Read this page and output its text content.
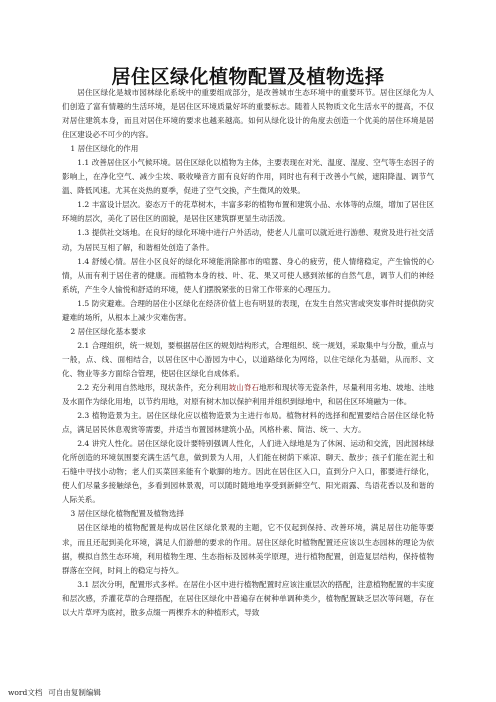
居住区绿化植物配置及植物选择

居住区绿化是城市园林绿化系统中的重要组成部分，是改善城市生态环境中的重要环节。居住区绿化为人们创造了富有情趣的生活环境，是居住区环境质量好坏的重要标志。随着人民物质文化生活水平的提高，不仅对居住建筑本身，而且对居住环境的要求也越来越高。如何从绿化设计的角度去创造一个优美的居住环境是居住区建设必不可少的内容。

1 居住区绿化的作用

1.1 改善居住区小气候环境。居住区绿化以植物为主体，主要表现在对光、温度、湿度、空气等生态因子的影响上，在净化空气、减少尘埃、吸收噪音方面有良好的作用，同时也有利于改善小气候，遮阳降温、调节气温、降低风速。尤其在炎热的夏季，促进了空气交换，产生微风的效果。

1.2 丰富设计层次。姿态万千的花草树木，丰富多彩的植物布置和建筑小品、水体等的点缀，增加了居住区环境的层次，美化了居住区的面貌，是居住区建筑群更显生动活泼。

1.3 提供社交场地。在良好的绿化环境中进行户外活动，使老人儿童可以就近进行游憩、观赏及进行社交活动，为居民互相了解，和谐相处创造了条件。

1.4 舒缓心情。居住小区良好的绿化环境能消除都市的喧嚣、身心的疲劳，使人情绪稳定，产生愉悦的心情，从而有利于居住者的健康。而植物本身的枝、叶、花、果又可使人感到浓郁的自然气息，调节人们的神经系统，产生令人愉悦和舒适的环境，使人们摆脱紧张的日常工作带来的心理压力。

1.5 防灾避难。合理的居住小区绿化在经济价值上也有明显的表现，在发生自然灾害或突发事件时提供防灾避难的场所，从根本上减少灾难伤害。

2 居住区绿化基本要求

2.1 合理组织，统一规划，要根据居住区的规划结构形式，合理组织、统一规划，采取集中与分散，重点与一般，点、线、面相结合，以居住区中心游园为中心，以道路绿化为网络，以住宅绿化为基础，从而形、文化、物业等多方面综合管理，使居住区绿化自成体系。

2.2 充分利用自然地形，现状条件，充分利用坡山脊石地形和现状等无瓷条件，尽量利用劣地、坡地、洼地及水面作为绿化用地，以节约用地，对原有树木加以保护利用并组织到绿地中，和居住区环境融为一体。

2.3 植物造景为主。居住区绿化应以植物造景为主进行布局。植物材料的选择和配置要结合居住区绿化特点，满足居民休息观赏等需要，并适当布置园林建筑小品，风格朴素、简洁、统一、大方。

2.4 讲究人性化。居住区绿化设计要特别强调人性化，人们进入绿地是为了休闲、运动和交流，因此园林绿化所创造的环境氛围要充满生活气息，做到景为人用，人们能在树荫下乘凉、聊天、散步；孩子们能在泥土和石缝中寻找小动物；老人们买菜回来能有个歇脚的地方。因此在居住区入口，直到分户入口，都要进行绿化，使人们尽量多接触绿色，多看到园林景观，可以随时随地地享受到新鲜空气、阳光雨露、鸟语花香以及和谐的人际关系。

3 居住区绿化植物配置及植物选择

居住区绿地的植物配置是构成居住区绿化景观的主题，它不仅起到保持、改善环境，满足居住功能等要求，而且还起到美化环境，满足人们游憩的要求的作用。居住区绿化时植物配置还应该以生态园林的理论为依据，模拟自然生态环境，利用植物生理、生态指标及园林美学原理，进行植物配置，创造复层结构，保持植物群落在空间，时间上的稳定与持久。

3.1 层次分明，配置形式多样。在居住小区中进行植物配置时应该注重层次的搭配，注意植物配置的丰实度和层次感，乔灌花草的合理搭配，在居住区绿化中普遍存在树种单调种类少，植物配置缺乏层次等问题，存在以大片草坪为底衬，散多点缀一两棵乔木的种植形式，导致

word文档 可自由复制编辑
